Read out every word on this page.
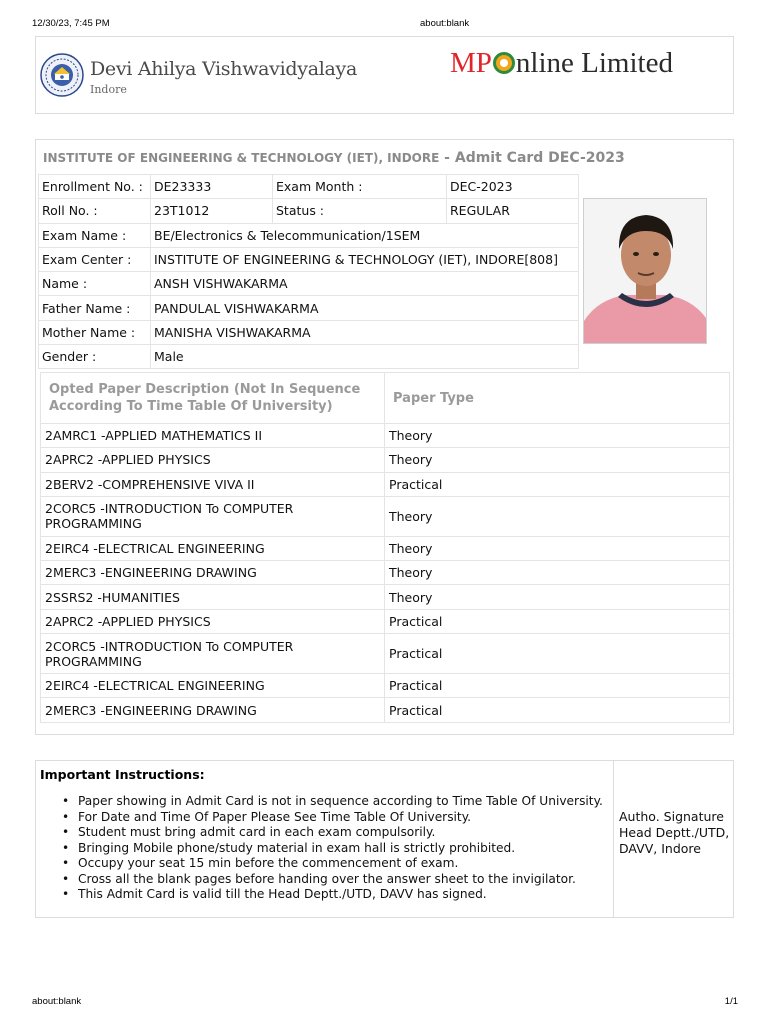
12/30/23, 7:45 PM	about:blank
Devi Ahilya Vishwavidyalaya
Indore
MP nline Limited
INSTITUTE OF ENGINEERING & TECHNOLOGY (IET), INDORE - Admit Card DEC-2023
Enrollment No. :	DE23333	Exam Month :	DEC-2023
Roll No. :	23T1012	Status :	REGULAR
Exam Name :	BE/Electronics & Telecommunication/1SEM		
Exam Center :	INSTITUTE OF ENGINEERING & TECHNOLOGY (IET), INDORE[808]		
Name :	ANSH VISHWAKARMA		
Father Name :	PANDULAL VISHWAKARMA		
Mother Name :	MANISHA VISHWAKARMA		
Gender :	Male		
Opted Paper Description (Not In Sequence According To Time Table Of University)	Paper Type
2AMRC1 -APPLIED MATHEMATICS II	Theory
2APRC2 -APPLIED PHYSICS	Theory
2BERV2 -COMPREHENSIVE VIVA II	Practical
2CORC5 -INTRODUCTION To COMPUTER PROGRAMMING	Theory
2EIRC4 -ELECTRICAL ENGINEERING	Theory
2MERC3 -ENGINEERING DRAWING	Theory
2SSRS2 -HUMANITIES	Theory
2APRC2 -APPLIED PHYSICS	Practical
2CORC5 -INTRODUCTION To COMPUTER PROGRAMMING	Practical
2EIRC4 -ELECTRICAL ENGINEERING	Practical
2MERC3 -ENGINEERING DRAWING	Practical
Important Instructions:
• Paper showing in Admit Card is not in sequence according to Time Table Of University.
• For Date and Time Of Paper Please See Time Table Of University.
• Student must bring admit card in each exam compulsorily.
• Bringing Mobile phone/study material in exam hall is strictly prohibited.
• Occupy your seat 15 min before the commencement of exam.
• Cross all the blank pages before handing over the answer sheet to the invigilator.
• This Admit Card is valid till the Head Deptt./UTD, DAVV has signed.
Autho. Signature
Head Deptt./UTD,
DAVV, Indore
about:blank	1/1
